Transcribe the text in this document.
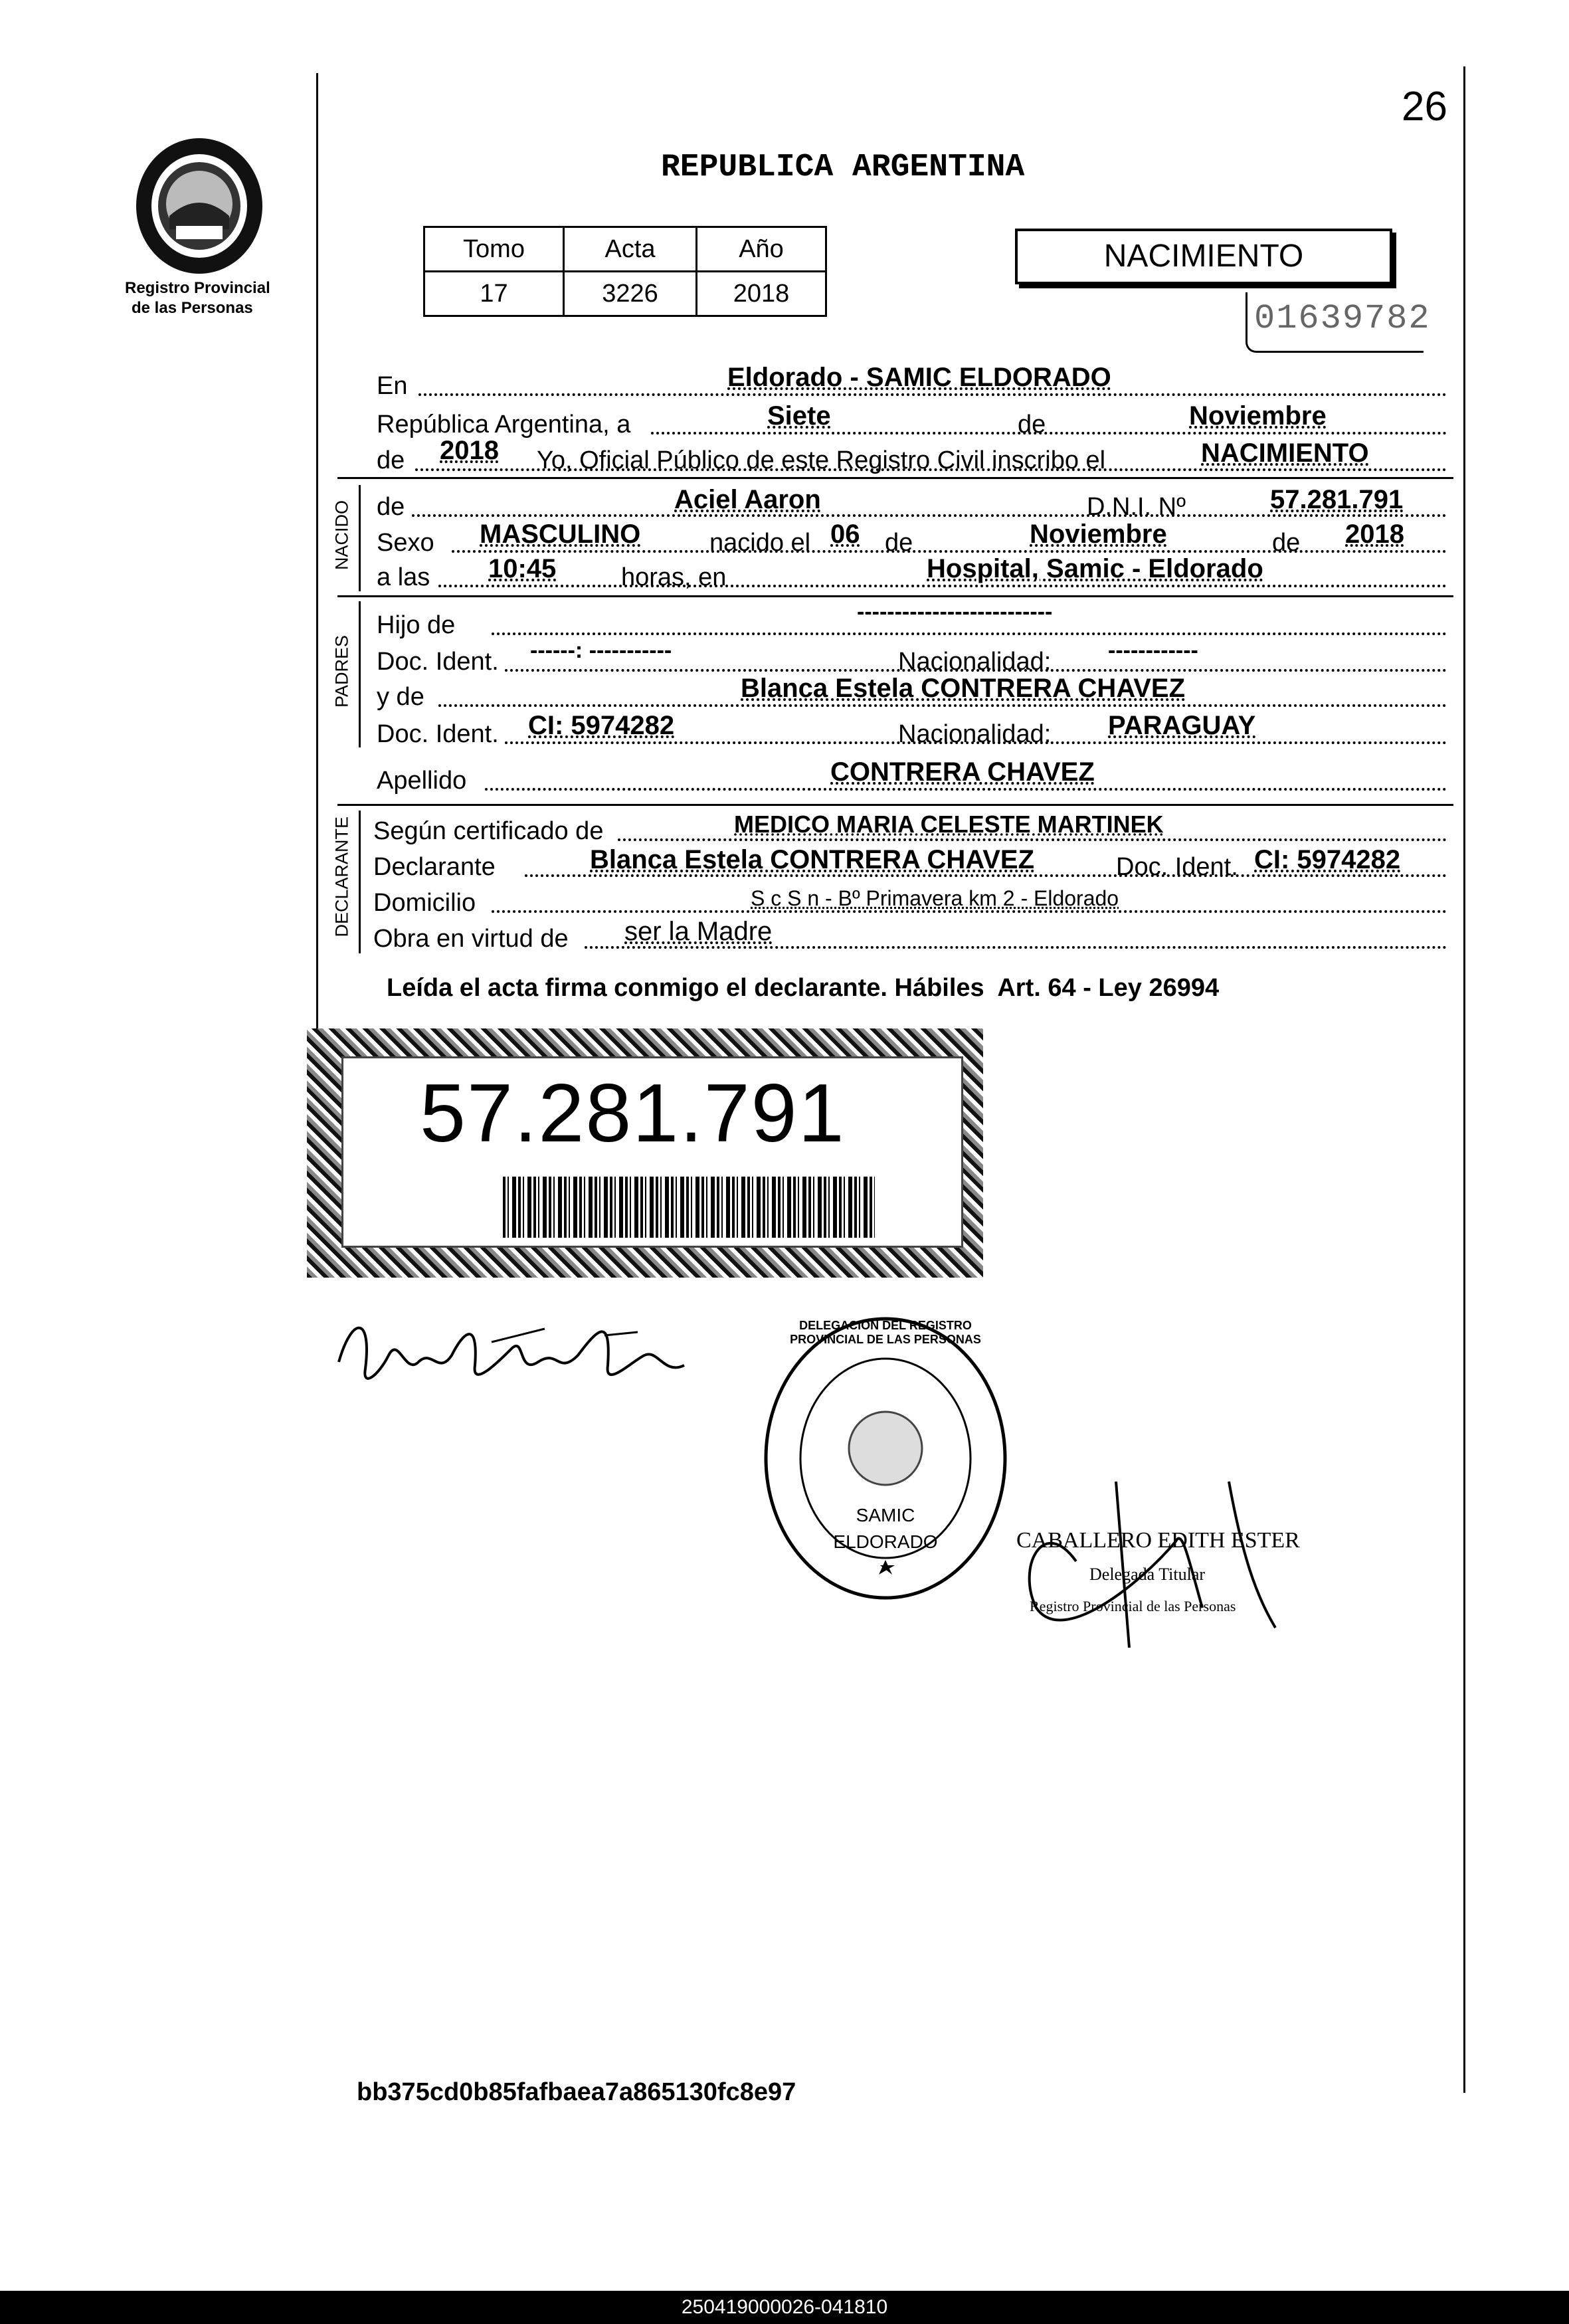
Registro Provincial
de las Personas
26
REPUBLICA ARGENTINA
Tomo	Acta	Año
17	3226	2018
NACIMIENTO
01639782
En	Eldorado - SAMIC ELDORADO
República Argentina, a	Siete	de	Noviembre
de 2018 Yo, Oficial Público de este Registro Civil inscribo el	NACIMIENTO
NACIDO de	Aciel Aaron	D.N.I. Nº	57.281.791
Sexo MASCULINO	nacido el 06 de	Noviembre	de 2018
a las 10:45	horas, en	Hospital, Samic - Eldorado
PADRES
Hijo de	--------------------------
Doc. Ident. ------: -----------	Nacionalidad:	------------
y de	Blanca Estela CONTRERA CHAVEZ
Doc. Ident. CI: 5974282	Nacionalidad: PARAGUAY
Apellido	CONTRERA CHAVEZ
DECLARANTE Según certificado de	MEDICO MARIA CELESTE MARTINEK
Declarante	Blanca Estela CONTRERA CHAVEZ	Doc. Ident. CI: 5974282
Domicilio	S c S n - Bº Primavera km 2 - Eldorado
Obra en virtud de ser la Madre
Leída el acta firma conmigo el declarante. Hábiles  Art. 64 - Ley 26994
57.281.791
DELEGACION DEL REGISTRO PROVINCIAL DE LAS PERSONAS
SAMIC
ELDORADO	CABALLERO EDITH ESTER
Delegada Titular
Registro Provincial de las Personas
bb375cd0b85fafbaea7a865130fc8e97
250419000026-041810
